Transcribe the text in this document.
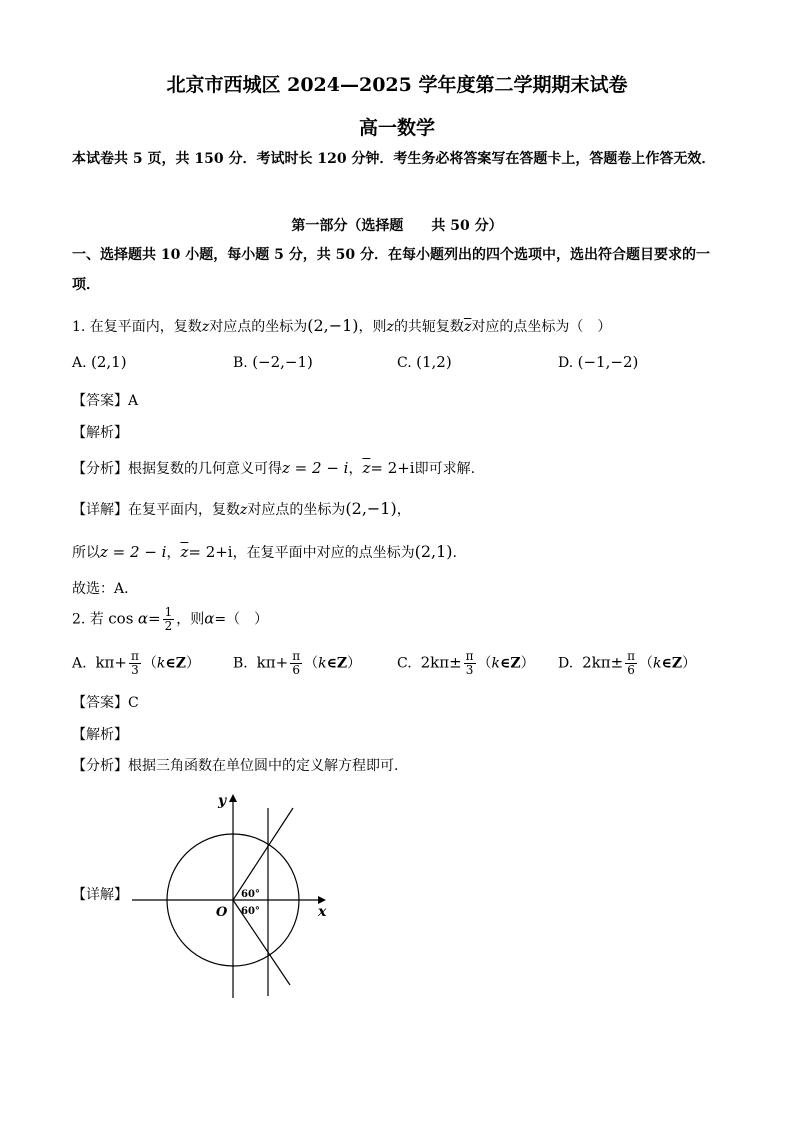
北京市西城区 2024—2025 学年度第二学期期末试卷
高一数学
本试卷共 5 页，共 150 分．考试时长 120 分钟．考生务必将答案写在答题卡上，答题卷上作答无效．
第一部分（选择题　　共 50 分）
一、选择题共 10 小题，每小题 5 分，共 50 分．在每小题列出的四个选项中，选出符合题目要求的一项．
1. 在复平面内，复数z对应点的坐标为(2,−1)，则z的共轭复数$\overline{z}$对应的点坐标为（　）
A. (2,1)	B. (−2,−1)	C. (1,2)	D. (−1,−2)
【答案】A
【解析】
【分析】根据复数的几何意义可得z = 2 − i，$\overline{z}= 2+i$即可求解.
【详解】在复平面内，复数z对应点的坐标为(2,−1)，
所以z = 2 − i，$\overline{z}= 2+i$，在复平面中对应的点坐标为(2,1).
故选：A.
2. 若 $\cos \alpha= \frac{1}{2}$ ，则α=（　）
A. $k\pi+ \frac{\pi}{3}$ （k∈Z） B. $k\pi+ \frac{\pi}{6}$ （k∈Z）	C. $2k\pi\pm \frac{\pi}{3}$ （k∈Z） D. $2k\pi\pm \frac{\pi}{6}$ （k∈Z）
【答案】C
【解析】
【分析】根据三角函数在单位圆中的定义解方程即可.
【详解】
y
x
O
60°
60°
